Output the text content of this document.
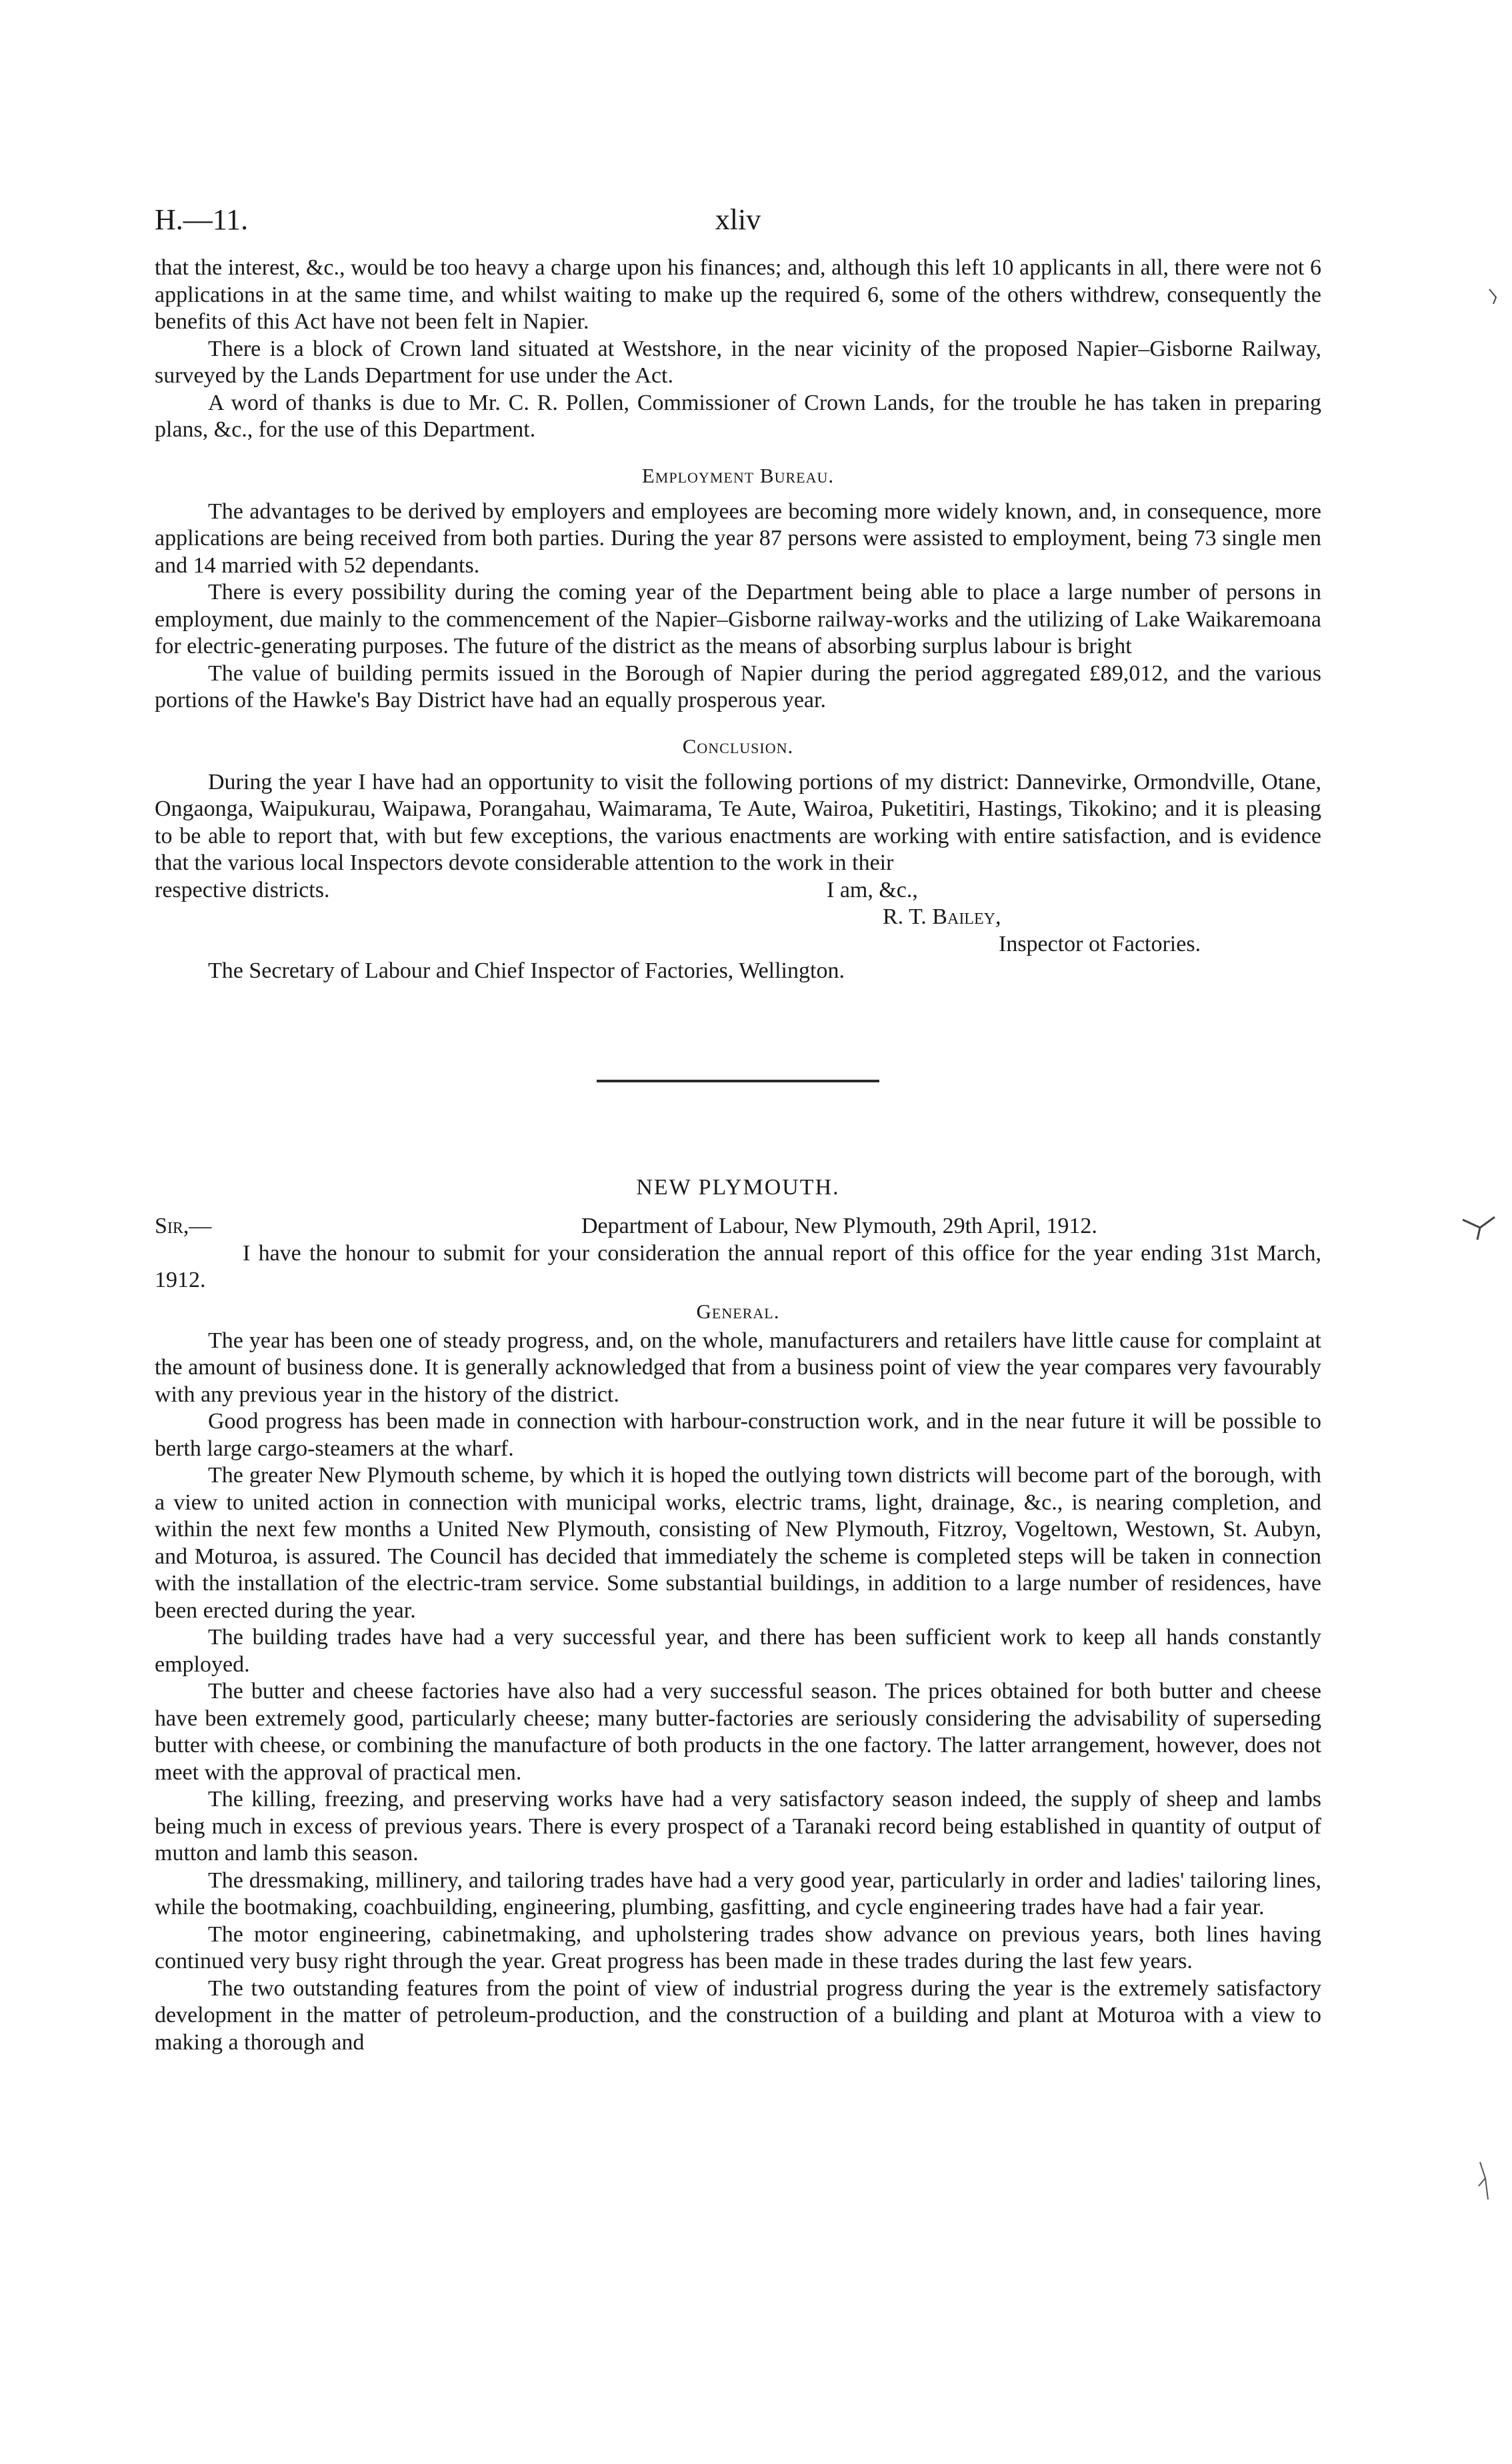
H.—11.	xliv

that the interest, &c., would be too heavy a charge upon his finances; and, although this left 10 applicants in all, there were not 6 applications in at the same time, and whilst waiting to make up the required 6, some of the others withdrew, consequently the benefits of this Act have not been felt in Napier.

There is a block of Crown land situated at Westshore, in the near vicinity of the proposed Napier–Gisborne Railway, surveyed by the Lands Department for use under the Act.

A word of thanks is due to Mr. C. R. Pollen, Commissioner of Crown Lands, for the trouble he has taken in preparing plans, &c., for the use of this Department.

Employment Bureau.

The advantages to be derived by employers and employees are becoming more widely known, and, in consequence, more applications are being received from both parties. During the year 87 persons were assisted to employment, being 73 single men and 14 married with 52 dependants.

There is every possibility during the coming year of the Department being able to place a large number of persons in employment, due mainly to the commencement of the Napier–Gisborne railway-works and the utilizing of Lake Waikaremoana for electric-generating purposes. The future of the district as the means of absorbing surplus labour is bright

The value of building permits issued in the Borough of Napier during the period aggregated £89,012, and the various portions of the Hawke's Bay District have had an equally prosperous year.

Conclusion.

During the year I have had an opportunity to visit the following portions of my district: Dannevirke, Ormondville, Otane, Ongaonga, Waipukurau, Waipawa, Porangahau, Waimarama, Te Aute, Wairoa, Puketitiri, Hastings, Tikokino; and it is pleasing to be able to report that, with but few exceptions, the various enactments are working with entire satisfaction, and is evidence that the various local Inspectors devote considerable attention to the work in their

respective districts.	I am, &c.,
R. T. Bailey,
Inspector ot Factories.
The Secretary of Labour and Chief Inspector of Factories, Wellington.
NEW PLYMOUTH.
Sir,—	Department of Labour, New Plymouth, 29th April, 1912.

I have the honour to submit for your consideration the annual report of this office for the year ending 31st March, 1912.

General.

The year has been one of steady progress, and, on the whole, manufacturers and retailers have little cause for complaint at the amount of business done. It is generally acknowledged that from a business point of view the year compares very favourably with any previous year in the history of the district.

Good progress has been made in connection with harbour-construction work, and in the near future it will be possible to berth large cargo-steamers at the wharf.

The greater New Plymouth scheme, by which it is hoped the outlying town districts will become part of the borough, with a view to united action in connection with municipal works, electric trams, light, drainage, &c., is nearing completion, and within the next few months a United New Plymouth, consisting of New Plymouth, Fitzroy, Vogeltown, Westown, St. Aubyn, and Moturoa, is assured. The Council has decided that immediately the scheme is completed steps will be taken in connection with the installation of the electric-tram service. Some substantial buildings, in addition to a large number of residences, have been erected during the year.

The building trades have had a very successful year, and there has been sufficient work to keep all hands constantly employed.

The butter and cheese factories have also had a very successful season. The prices obtained for both butter and cheese have been extremely good, particularly cheese; many butter-factories are seriously considering the advisability of superseding butter with cheese, or combining the manufacture of both products in the one factory. The latter arrangement, however, does not meet with the approval of practical men.

The killing, freezing, and preserving works have had a very satisfactory season indeed, the supply of sheep and lambs being much in excess of previous years. There is every prospect of a Taranaki record being established in quantity of output of mutton and lamb this season.

The dressmaking, millinery, and tailoring trades have had a very good year, particularly in order and ladies' tailoring lines, while the bootmaking, coachbuilding, engineering, plumbing, gasfitting, and cycle engineering trades have had a fair year.

The motor engineering, cabinetmaking, and upholstering trades show advance on previous years, both lines having continued very busy right through the year. Great progress has been made in these trades during the last few years.

The two outstanding features from the point of view of industrial progress during the year is the extremely satisfactory development in the matter of petroleum-production, and the construction of a building and plant at Moturoa with a view to making a thorough and
